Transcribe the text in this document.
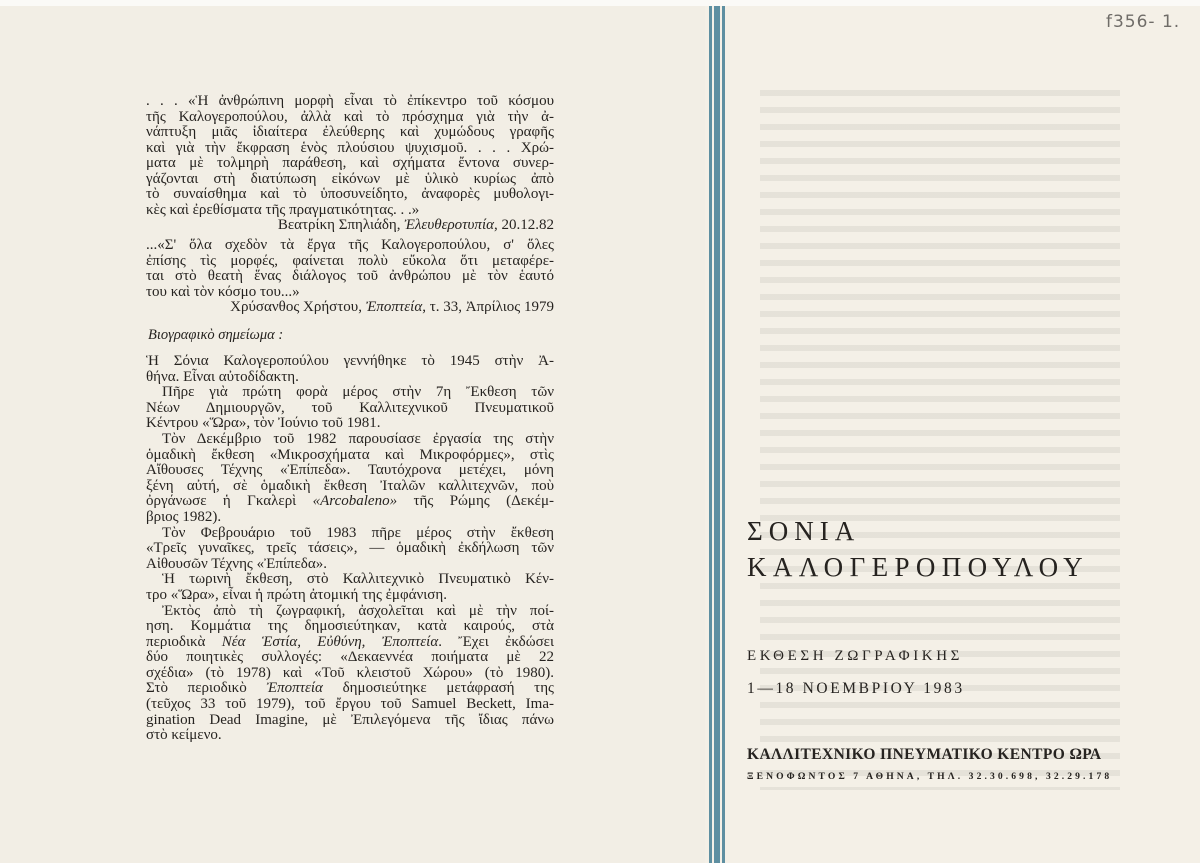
. . . «Ἡ ἀνθρώπινη μορφὴ εἶναι τὸ ἐπίκεντρο τοῦ κόσμου
τῆς Καλογεροπούλου, ἀλλὰ καὶ τὸ πρόσχημα γιὰ τὴν ἀ-
νάπτυξη μιᾶς ἰδιαίτερα ἐλεύθερης καὶ χυμώδους γραφῆς
καὶ γιὰ τὴν ἔκφραση ἑνὸς πλούσιου ψυχισμοῦ. . . . Χρώ-
ματα μὲ τολμηρὴ παράθεση, καὶ σχήματα ἔντονα συνερ-
γάζονται στὴ διατύπωση εἰκόνων μὲ ὑλικὸ κυρίως ἀπὸ
τὸ συναίσθημα καὶ τὸ ὑποσυνείδητο, ἀναφορὲς μυθολογι-
κὲς καὶ ἐρεθίσματα τῆς πραγματικότητας. . .»
Βεατρίκη Σπηλιάδη, Ἐλευθεροτυπία, 20.12.82
...«Σ' ὅλα σχεδὸν τὰ ἔργα τῆς Καλογεροπούλου, σ' ὅλες
ἐπίσης τὶς μορφές, φαίνεται πολὺ εὔκολα ὅτι μεταφέρε-
ται στὸ θεατὴ ἕνας διάλογος τοῦ ἀνθρώπου μὲ τὸν ἑαυτό
του καὶ τὸν κόσμο του...»
Χρύσανθος Χρήστου, Ἐποπτεία, τ. 33, Ἀπρίλιος 1979
Βιογραφικὸ σημείωμα :
Ἡ Σόνια Καλογεροπούλου γεννήθηκε τὸ 1945 στὴν Ἀ-
θήνα. Εἶναι αὐτοδίδακτη.
Πῆρε γιὰ πρώτη φορὰ μέρος στὴν 7η Ἔκθεση τῶν
Νέων Δημιουργῶν, τοῦ Καλλιτεχνικοῦ Πνευματικοῦ
Κέντρου «Ὥρα», τὸν Ἰούνιο τοῦ 1981.
Τὸν Δεκέμβριο τοῦ 1982 παρουσίασε ἐργασία της στὴν
ὁμαδικὴ ἔκθεση «Μικροσχήματα καὶ Μικροφόρμες», στὶς
Αἴθουσες Τέχνης «Ἐπίπεδα». Ταυτόχρονα μετέχει, μόνη
ξένη αὐτή, σὲ ὁμαδικὴ ἔκθεση Ἰταλῶν καλλιτεχνῶν, ποὺ
ὀργάνωσε ἡ Γκαλερὶ «Arcobaleno» τῆς Ρώμης (Δεκέμ-
βριος 1982).
Τὸν Φεβρουάριο τοῦ 1983 πῆρε μέρος στὴν ἔκθεση
«Τρεῖς γυναῖκες, τρεῖς τάσεις», — ὁμαδικὴ ἐκδήλωση τῶν
Αἰθουσῶν Τέχνης «Ἐπίπεδα».
Ἡ τωρινὴ ἔκθεση, στὸ Καλλιτεχνικὸ Πνευματικὸ Κέν-
τρο «Ὥρα», εἶναι ἡ πρώτη ἀτομική της ἐμφάνιση.
Ἐκτὸς ἀπὸ τὴ ζωγραφική, ἀσχολεῖται καὶ μὲ τὴν ποί-
ηση. Κομμάτια της δημοσιεύτηκαν, κατὰ καιρούς, στὰ
περιοδικὰ Νέα Ἑστία, Εὐθύνη, Ἐποπτεία. Ἔχει ἐκδώσει
δύο ποιητικὲς συλλογές: «Δεκαεννέα ποιήματα μὲ 22
σχέδια» (τὸ 1978) καὶ «Τοῦ κλειστοῦ Χώρου» (τὸ 1980).
Στὸ περιοδικὸ Ἐποπτεία δημοσιεύτηκε μετάφρασή της
(τεῦχος 33 τοῦ 1979), τοῦ ἔργου τοῦ Samuel Beckett, Ima-
gination Dead Imagine, μὲ Ἐπιλεγόμενα τῆς ἴδιας πάνω
στὸ κείμενο.
ΣΟΝΙΑ
ΚΑΛΟΓΕΡΟΠΟΥΛΟΥ
ΕΚΘΕΣΗ ΖΩΓΡΑΦΙΚΗΣ
1—18 ΝΟΕΜΒΡΙΟΥ 1983
ΚΑΛΛΙΤΕΧΝΙΚΟ ΠΝΕΥΜΑΤΙΚΟ ΚΕΝΤΡΟ ΩΡΑ
ΞΕΝΟΦΩΝΤΟΣ 7 ΑΘΗΝΑ, ΤΗΛ. 32.30.698, 32.29.178
f356- 1.
